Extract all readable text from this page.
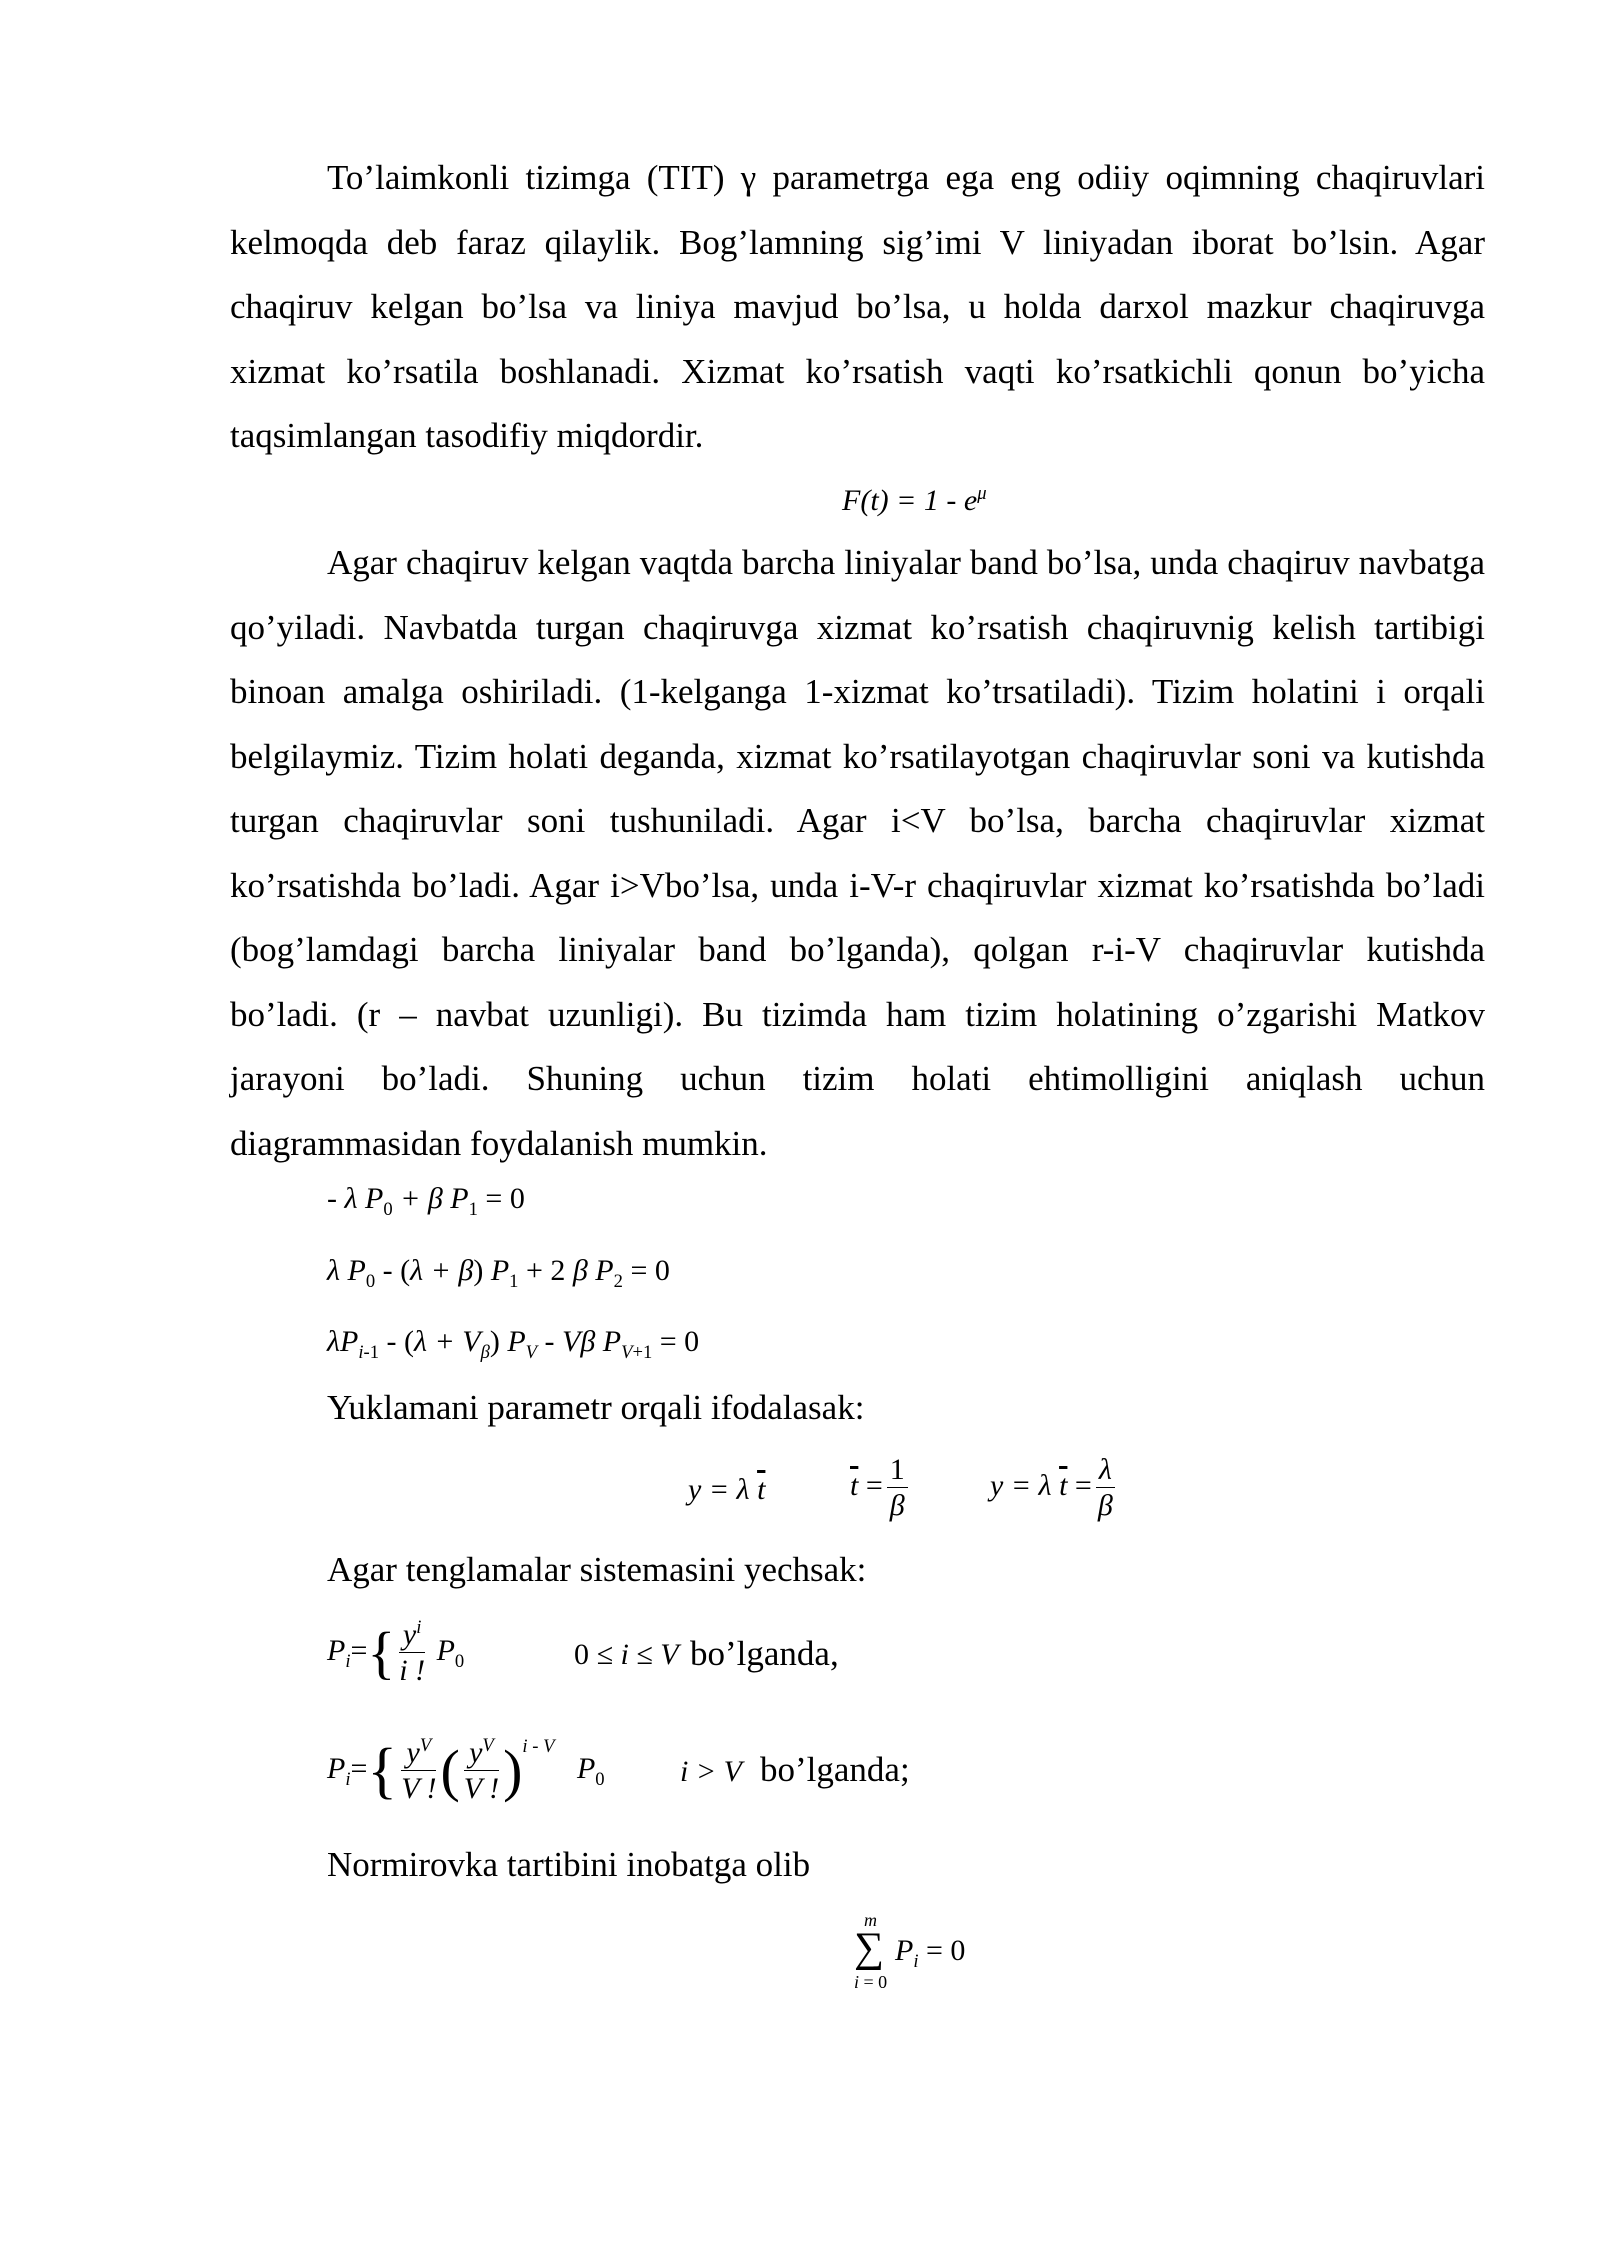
To’laimkonli tizimga (TIT) γ parametrga ega eng odiiy oqimning chaqiruvlari kelmoqda deb faraz qilaylik. Bog’lamning sig’imi V liniyadan iborat bo’lsin. Agar chaqiruv kelgan bo’lsa va liniya mavjud bo’lsa, u holda darxol mazkur chaqiruvga xizmat ko’rsatila boshlanadi. Xizmat ko’rsatish vaqti ko’rsatkichli qonun bo’yicha taqsimlangan tasodifiy miqdordir.

$F(t) = 1 - e^\mu$

Agar chaqiruv kelgan vaqtda barcha liniyalar band bo’lsa, unda chaqiruv navbatga qo’yiladi. Navbatda turgan chaqiruvga xizmat ko’rsatish chaqiruvnig kelish tartibigi binoan amalga oshiriladi. (1-kelganga 1-xizmat ko’trsatiladi). Tizim holatini i orqali belgilaymiz. Tizim holati deganda, xizmat ko’rsatilayotgan chaqiruvlar soni va kutishda turgan chaqiruvlar soni tushuniladi. Agar i<V bo’lsa, barcha chaqiruvlar xizmat ko’rsatishda bo’ladi. Agar i>Vbo’lsa, unda i-V-r chaqiruvlar xizmat ko’rsatishda bo’ladi (bog’lamdagi barcha liniyalar band bo’lganda), qolgan r-i-V chaqiruvlar kutishda bo’ladi. (r – navbat uzunligi). Bu tizimda ham tizim holatining o’zgarishi Matkov jarayoni bo’ladi. Shuning uchun tizim holati ehtimolligini aniqlash uchun diagrammasidan foydalanish mumkin.

- λ $P_0 + \beta$ $P_1 = 0$
λ $P_0 - (\lambda + \beta) P_1 + 2$ β $P_2 = 0$
$\lambda P_{i-1} - (\lambda + V_\beta)$ $P_V$ - Vβ $P_{V+1} = 0$
Yuklamani parametr orqali ifodalasak:
y = λ $\overline{t}$	$\overline{t} = \frac{1}{\beta}$	y = λ $\overline{t} = \frac{\lambda}{\beta}$
Agar tenglamalar sistemasini yechsak:
$P_i=\{ \frac{y^i}{i !} P_0$	0 ≤ i ≤ V bo’lganda,
$P_i=\{ \frac{y^V}{V !}$ ( $\frac{y^V}{V !} )^{i - V}$   $P_0$	i > V bo’lganda;
Normirovka tartibini inobatga olib
m
∑
i = 0
$P_i = 0$
